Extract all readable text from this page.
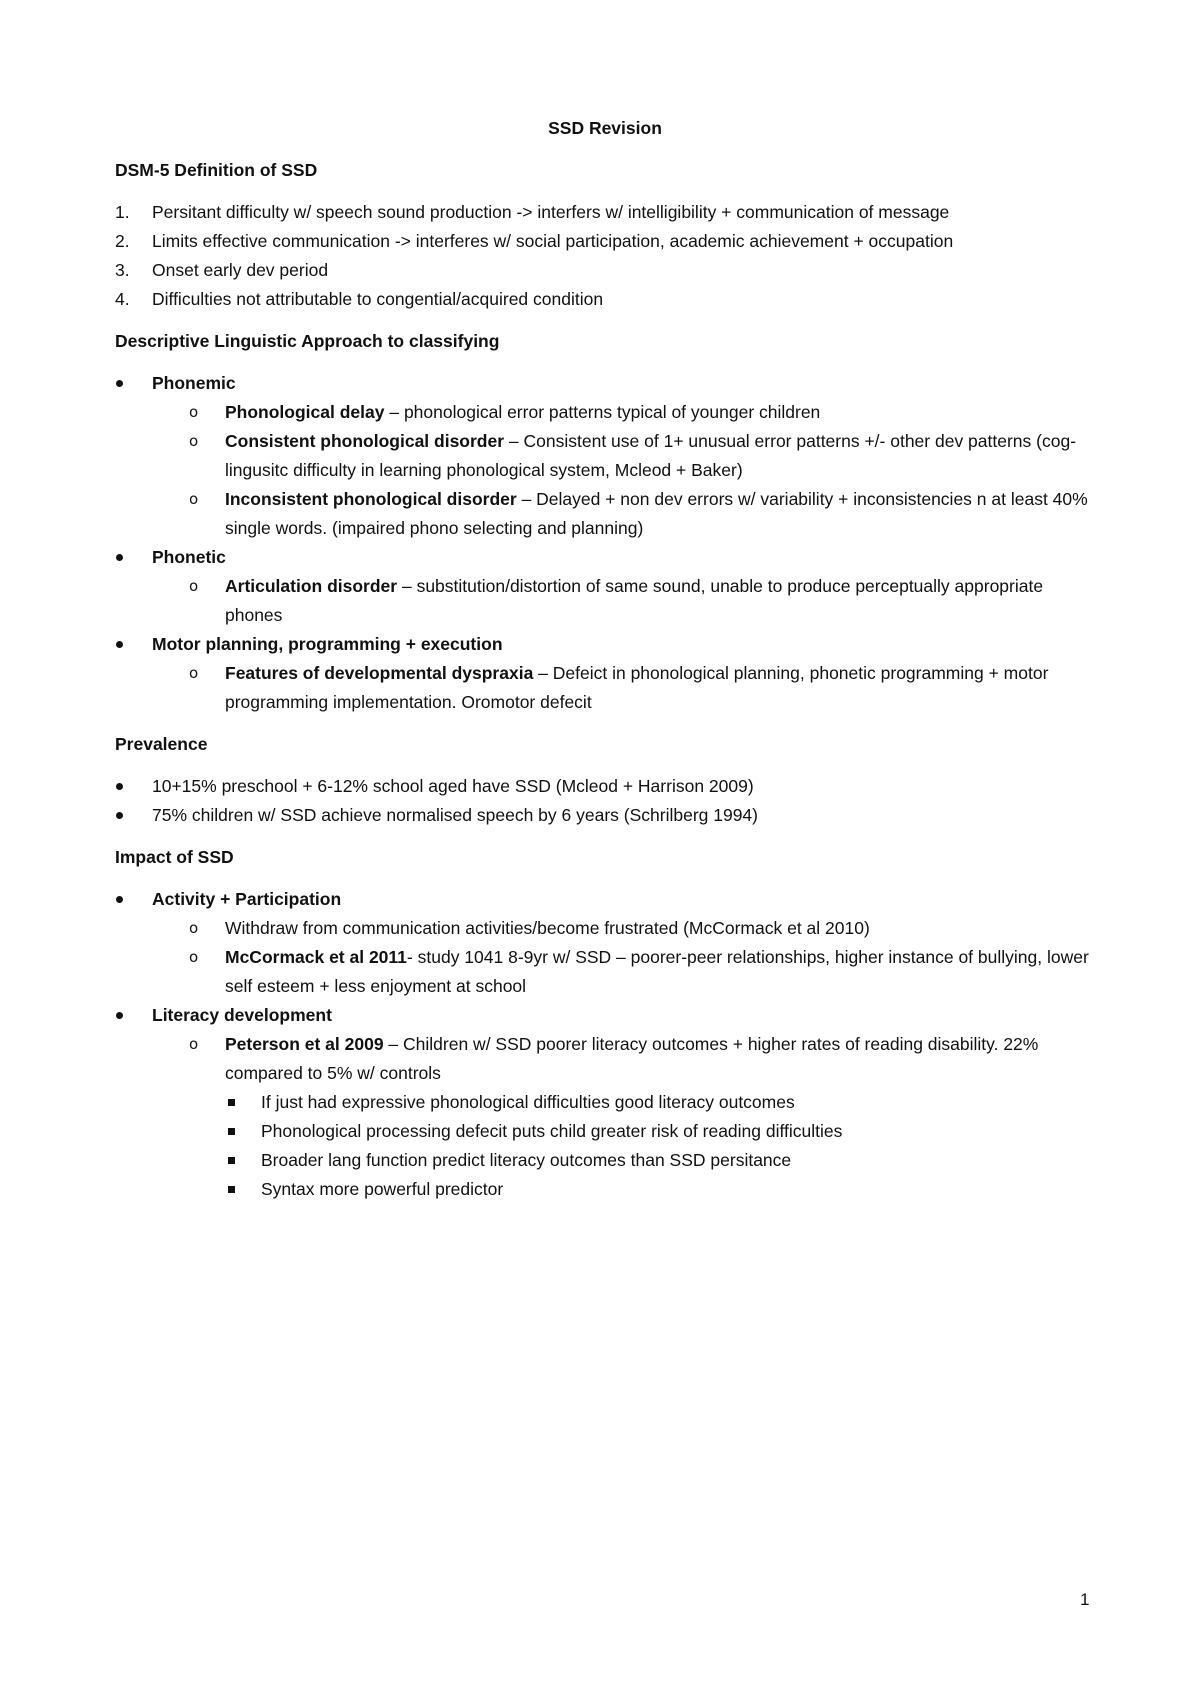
SSD Revision
DSM-5 Definition of SSD
1. Persitant difficulty w/ speech sound production -> interfers w/ intelligibility + communication of message
2. Limits effective communication -> interferes w/ social participation, academic achievement + occupation
3. Onset early dev period
4. Difficulties not attributable to congential/acquired condition
Descriptive Linguistic Approach to classifying
Phonemic
o Phonological delay – phonological error patterns typical of younger children
o Consistent phonological disorder – Consistent use of 1+ unusual error patterns +/- other dev patterns (cog-lingusitc difficulty in learning phonological system, Mcleod + Baker)
o Inconsistent phonological disorder – Delayed + non dev errors w/ variability + inconsistencies n at least 40% single words. (impaired phono selecting and planning)
Phonetic
o Articulation disorder – substitution/distortion of same sound, unable to produce perceptually appropriate phones
Motor planning, programming + execution
o Features of developmental dyspraxia – Defeict in phonological planning, phonetic programming + motor programming implementation. Oromotor defecit
Prevalence
10+15% preschool + 6-12% school aged have SSD (Mcleod + Harrison 2009)
75% children w/ SSD achieve normalised speech by 6 years (Schrilberg 1994)
Impact of SSD
Activity + Participation
o Withdraw from communication activities/become frustrated (McCormack et al 2010)
o McCormack et al 2011- study 1041 8-9yr w/ SSD – poorer-peer relationships, higher instance of bullying, lower self esteem + less enjoyment at school
Literacy development
o Peterson et al 2009 – Children w/ SSD poorer literacy outcomes + higher rates of reading disability. 22% compared to 5% w/ controls
If just had expressive phonological difficulties good literacy outcomes
Phonological processing defecit puts child greater risk of reading difficulties
Broader lang function predict literacy outcomes than SSD persitance
Syntax more powerful predictor
1
